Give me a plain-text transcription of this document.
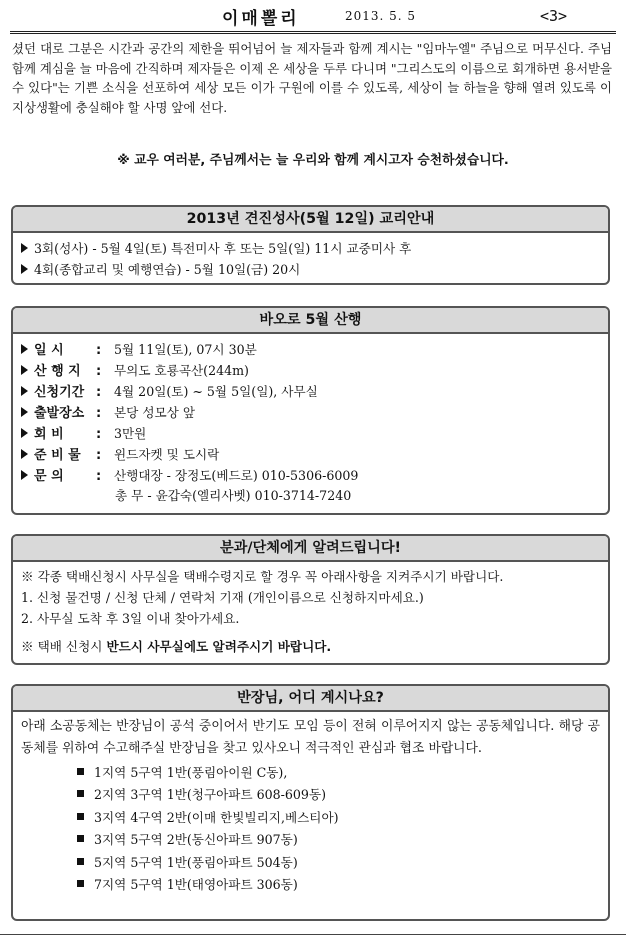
이매뽈리	2013. 5. 5	<3>

셨던 대로 그분은 시간과 공간의 제한을 뛰어넘어 늘 제자들과 함께 계시는 "임마누엘" 주님으로 머무신다. 주님 함께 계심을 늘 마음에 간직하며 제자들은 이제 온 세상을 두루 다니며 "그리스도의 이름으로 회개하면 용서받을 수 있다"는 기쁜 소식을 선포하여 세상 모든 이가 구원에 이를 수 있도록, 세상이 늘 하늘을 향해 열려 있도록 이 지상생활에 충실해야 할 사명 앞에 선다.

※ 교우 여러분, 주님께서는 늘 우리와 함께 계시고자 승천하셨습니다.
2013년 견진성사(5월 12일) 교리안내
3회(성사) - 5월 4일(토) 특전미사 후 또는 5일(일) 11시 교중미사 후
4회(종합교리 및 예행연습) - 5월 10일(금) 20시
바오로 5월 산행
일 시 :	5월 11일(토), 07시 30분
산 행 지 :	무의도 호룡곡산(244m)
신청기간 :	4월 20일(토) ~ 5월 5일(일), 사무실
출발장소 :	본당 성모상 앞
회 비 :	3만원
준 비 물 :	윈드자켓 및 도시락
문 의 :	산행대장 - 장정도(베드로) 010-5306-6009
총 무 - 윤갑숙(엘리사벳) 010-3714-7240
분과/단체에게 알려드립니다!
※ 각종 택배신청시 사무실을 택배수령지로 할 경우 꼭 아래사항을 지켜주시기 바랍니다.
1. 신청 물건명 / 신청 단체 / 연락처 기재 (개인이름으로 신청하지마세요.)
2. 사무실 도착 후 3일 이내 찾아가세요.
※ 택배 신청시 반드시 사무실에도 알려주시기 바랍니다.
반장님, 어디 계시나요?

아래 소공동체는 반장님이 공석 중이어서 반기도 모임 등이 전혀 이루어지지 않는 공동체입니다. 해당 공동체를 위하여 수고해주실 반장님을 찾고 있사오니 적극적인 관심과 협조 바랍니다.

1지역 5구역 1반(풍림아이원 C동),
2지역 3구역 1반(청구아파트 608-609동)
3지역 4구역 2반(이매 한빛빌리지,베스티아)
3지역 5구역 2반(동신아파트 907동)
5지역 5구역 1반(풍림아파트 504동)
7지역 5구역 1반(태영아파트 306동)
